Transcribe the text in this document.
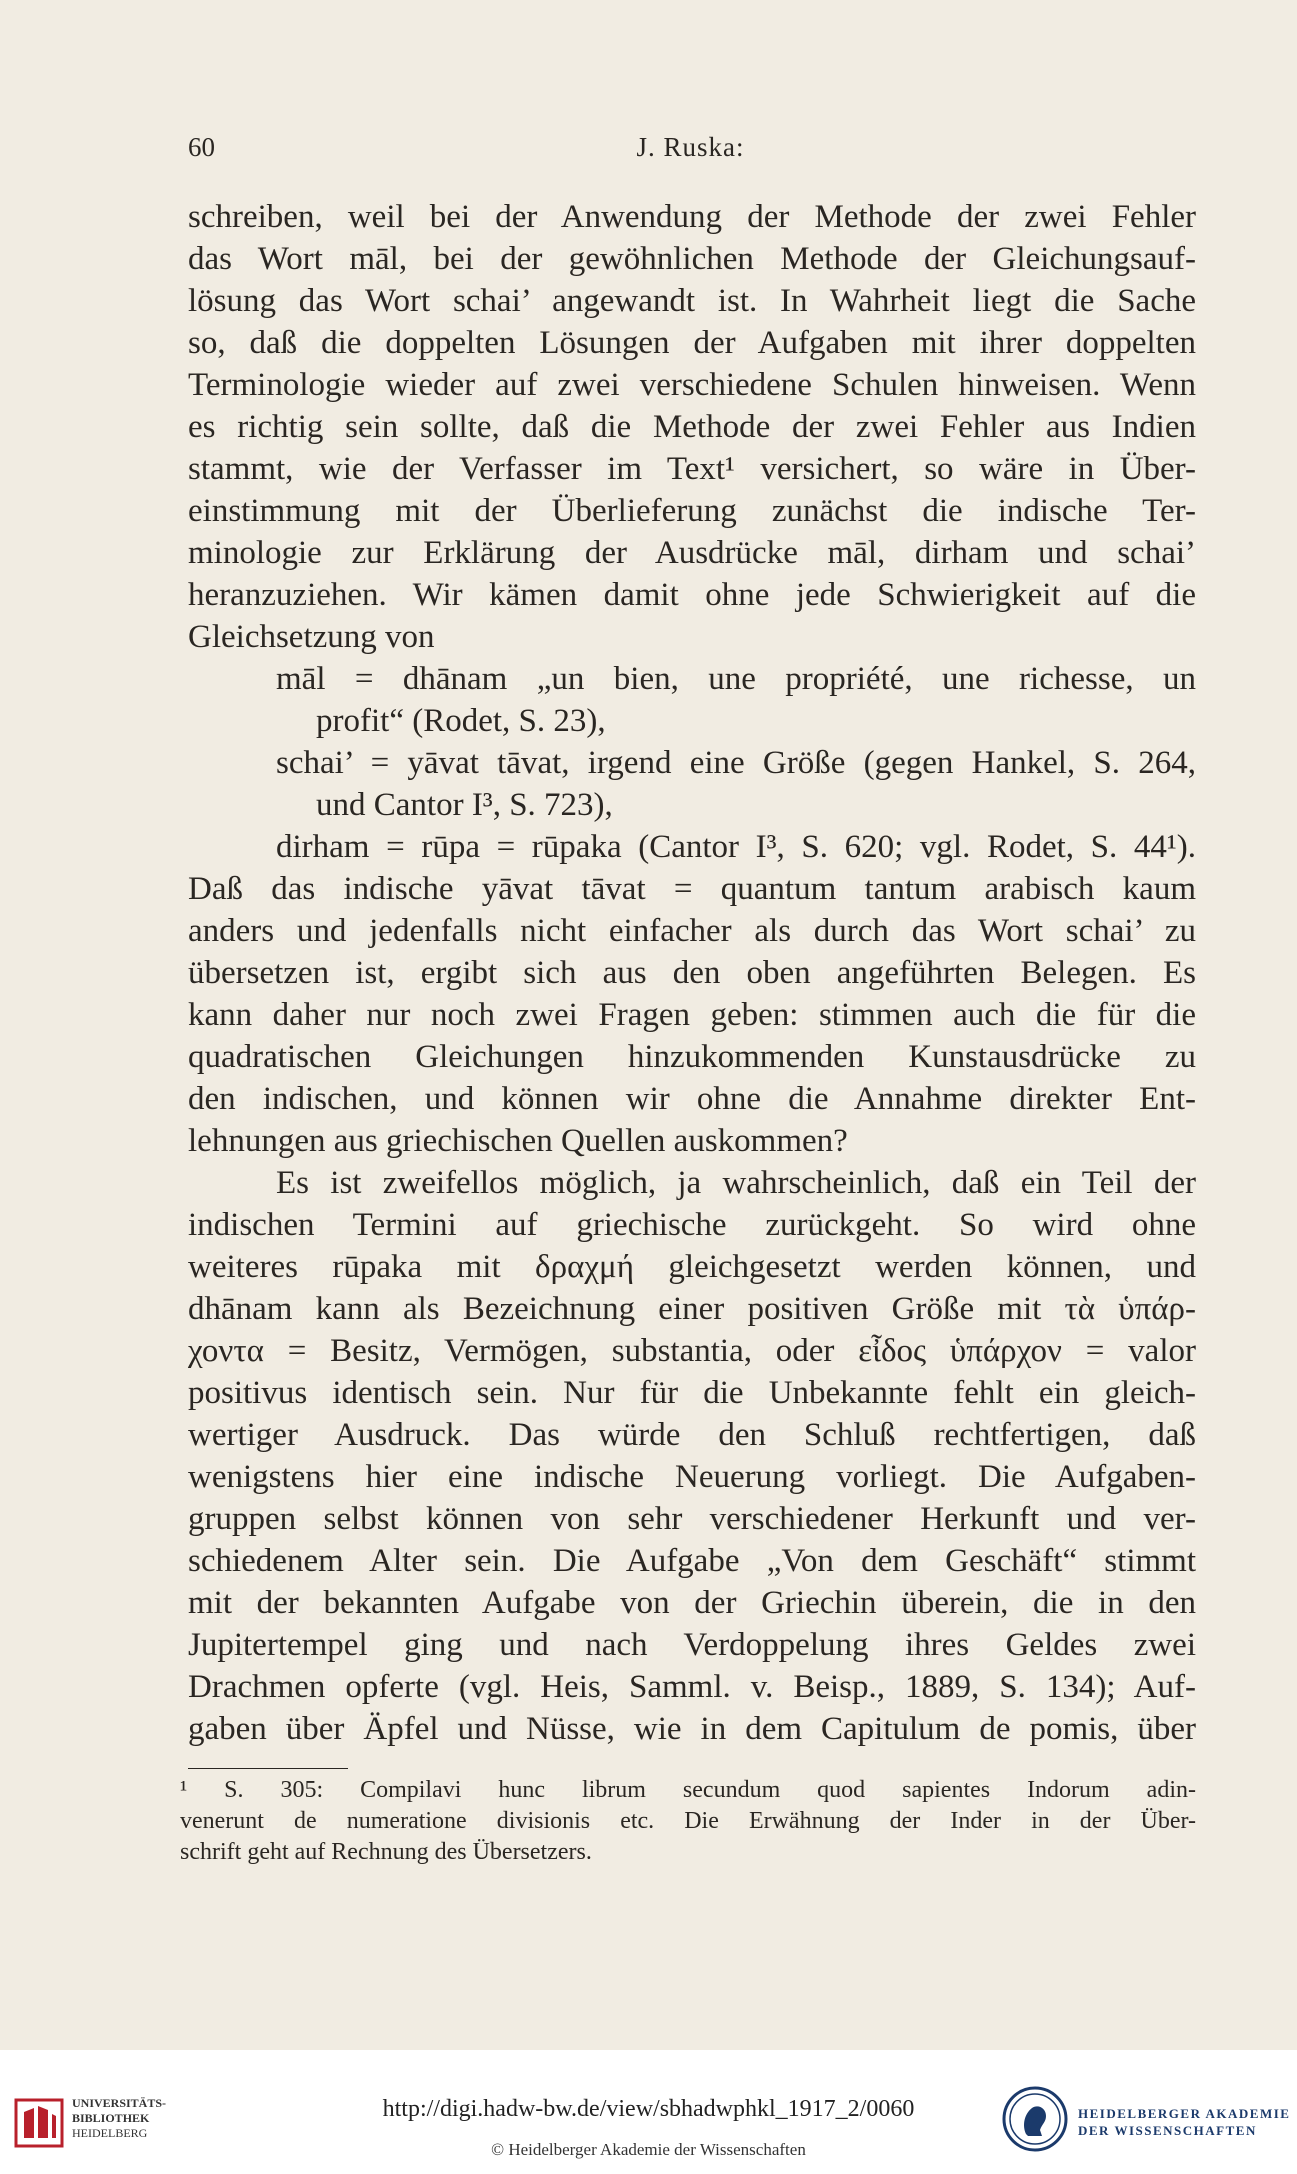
60	J. Ruska:
schreiben, weil bei der Anwendung der Methode der zwei Fehler
das Wort māl, bei der gewöhnlichen Methode der Gleichungsauf-
lösung das Wort schai’ angewandt ist. In Wahrheit liegt die Sache
so, daß die doppelten Lösungen der Aufgaben mit ihrer doppelten
Terminologie wieder auf zwei verschiedene Schulen hinweisen. Wenn
es richtig sein sollte, daß die Methode der zwei Fehler aus Indien
stammt, wie der Verfasser im Text¹ versichert, so wäre in Über-
einstimmung mit der Überlieferung zunächst die indische Ter-
minologie zur Erklärung der Ausdrücke māl, dirham und schai’
heranzuziehen. Wir kämen damit ohne jede Schwierigkeit auf die
Gleichsetzung von
māl = dhānam „un bien, une propriété, une richesse, un
profit“ (Rodet, S. 23),
schai’ = yāvat tāvat, irgend eine Größe (gegen Hankel, S. 264,
und Cantor I³, S. 723),
dirham = rūpa = rūpaka (Cantor I³, S. 620; vgl. Rodet, S. 44¹).
Daß das indische yāvat tāvat = quantum tantum arabisch kaum
anders und jedenfalls nicht einfacher als durch das Wort schai’ zu
übersetzen ist, ergibt sich aus den oben angeführten Belegen. Es
kann daher nur noch zwei Fragen geben: stimmen auch die für die
quadratischen Gleichungen hinzukommenden Kunstausdrücke zu
den indischen, und können wir ohne die Annahme direkter Ent-
lehnungen aus griechischen Quellen auskommen?
Es ist zweifellos möglich, ja wahrscheinlich, daß ein Teil der
indischen Termini auf griechische zurückgeht. So wird ohne
weiteres rūpaka mit δραχμή gleichgesetzt werden können, und
dhānam kann als Bezeichnung einer positiven Größe mit τὰ ὑπάρ-
χοντα = Besitz, Vermögen, substantia, oder εἶδος ὑπάρχον = valor
positivus identisch sein. Nur für die Unbekannte fehlt ein gleich-
wertiger Ausdruck. Das würde den Schluß rechtfertigen, daß
wenigstens hier eine indische Neuerung vorliegt. Die Aufgaben-
gruppen selbst können von sehr verschiedener Herkunft und ver-
schiedenem Alter sein. Die Aufgabe „Von dem Geschäft“ stimmt
mit der bekannten Aufgabe von der Griechin überein, die in den
Jupitertempel ging und nach Verdoppelung ihres Geldes zwei
Drachmen opferte (vgl. Heis, Samml. v. Beisp., 1889, S. 134); Auf-
gaben über Äpfel und Nüsse, wie in dem Capitulum de pomis, über
¹ S. 305: Compilavi hunc librum secundum quod sapientes Indorum adin-
venerunt de numeratione divisionis etc. Die Erwähnung der Inder in der Über-
schrift geht auf Rechnung des Übersetzers.
UNIVERSITÄTS-
BIBLIOTHEK
HEIDELBERG
http://digi.hadw-bw.de/view/sbhadwphkl_1917_2/0060
© Heidelberger Akademie der Wissenschaften
HEIDELBERGER AKADEMIE
DER WISSENSCHAFTEN
